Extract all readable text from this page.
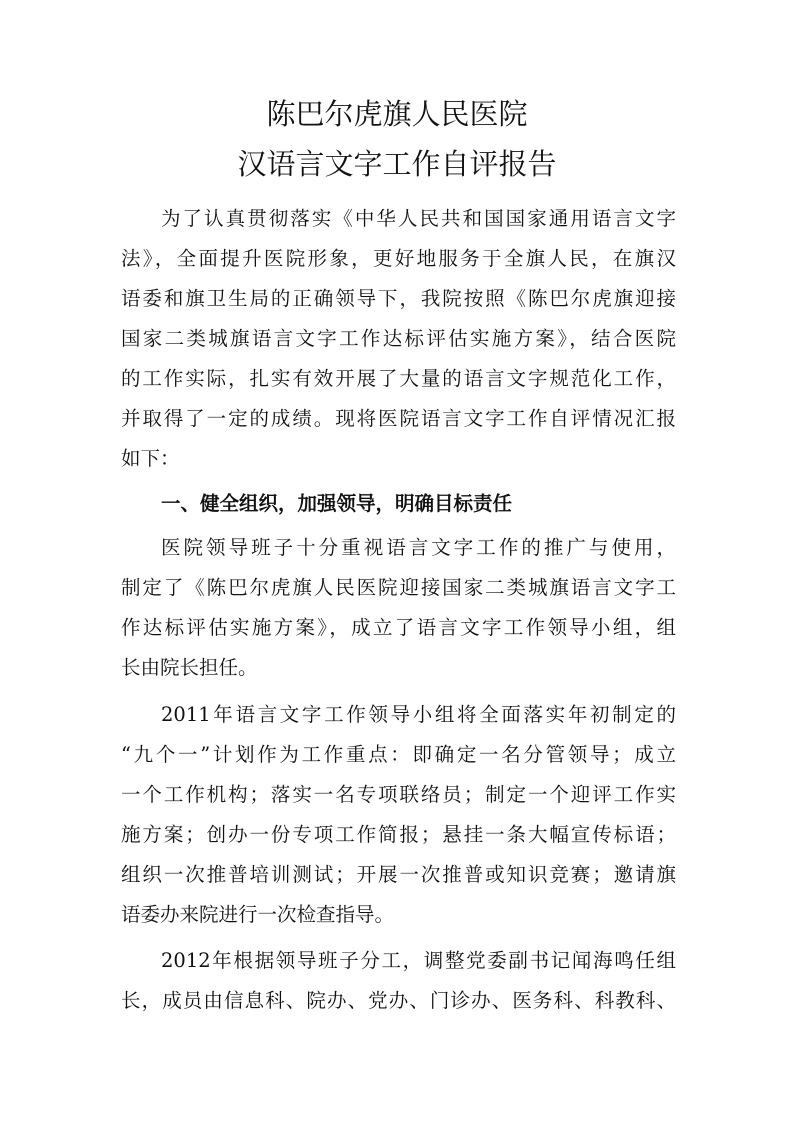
陈巴尔虎旗人民医院
汉语言文字工作自评报告
为了认真贯彻落实《中华人民共和国国家通用语言文字
法》，全面提升医院形象，更好地服务于全旗人民，在旗汉
语委和旗卫生局的正确领导下，我院按照《陈巴尔虎旗迎接
国家二类城旗语言文字工作达标评估实施方案》，结合医院
的工作实际，扎实有效开展了大量的语言文字规范化工作，
并取得了一定的成绩。现将医院语言文字工作自评情况汇报
如下：
一、健全组织，加强领导，明确目标责任
医院领导班子十分重视语言文字工作的推广与使用，
制定了《陈巴尔虎旗人民医院迎接国家二类城旗语言文字工
作达标评估实施方案》，成立了语言文字工作领导小组，组
长由院长担任。
2011年语言文字工作领导小组将全面落实年初制定的
“九个一”计划作为工作重点：即确定一名分管领导；成立
一个工作机构；落实一名专项联络员；制定一个迎评工作实
施方案；创办一份专项工作简报；悬挂一条大幅宣传标语；
组织一次推普培训测试；开展一次推普或知识竞赛；邀请旗
语委办来院进行一次检查指导。
2012年根据领导班子分工，调整党委副书记闻海鸣任组
长，成员由信息科、院办、党办、门诊办、医务科、科教科、
